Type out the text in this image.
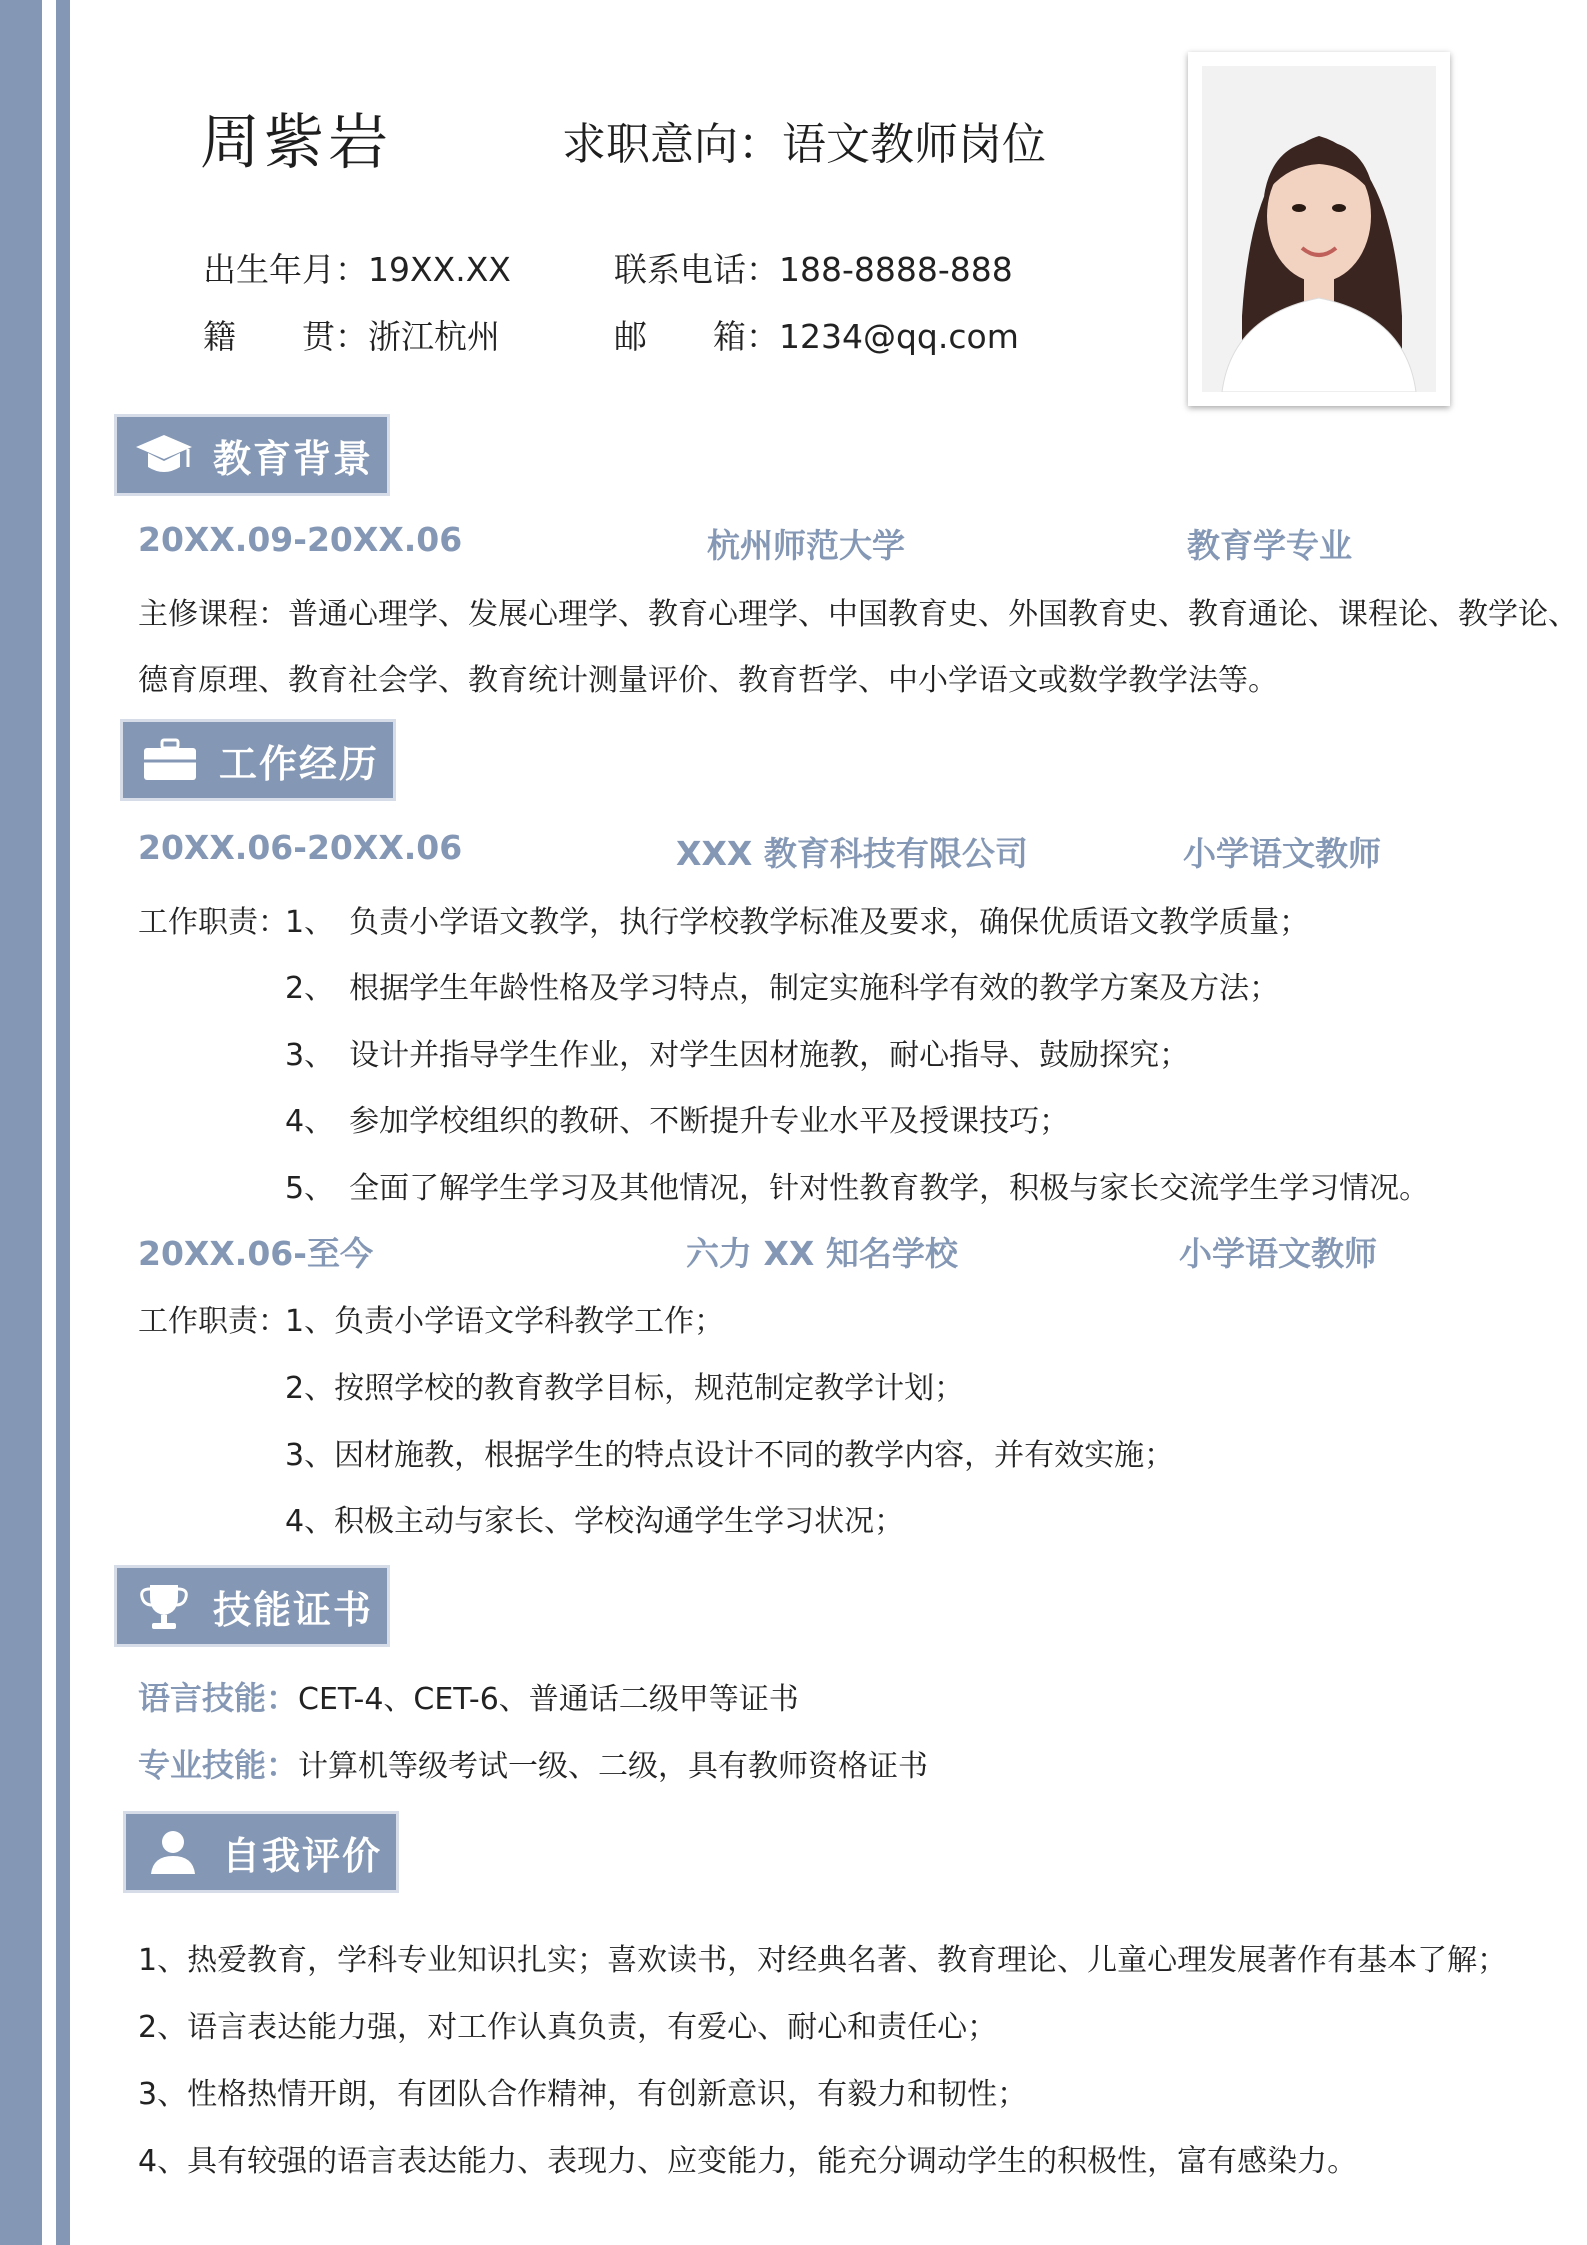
周紫岩	求职意向：语文教师岗位
出生年月：19XX.XX	联系电话：188-8888-888
籍　　贯：浙江杭州	邮　　箱：1234@qq.com
教育背景
20XX.09-20XX.06	杭州师范大学	教育学专业
主修课程：普通心理学、发展心理学、教育心理学、中国教育史、外国教育史、教育通论、课程论、教学论、
德育原理、教育社会学、教育统计测量评价、教育哲学、中小学语文或数学教学法等。
工作经历
20XX.06-20XX.06	XXX 教育科技有限公司	小学语文教师
工作职责：
1、　负责小学语文教学，执行学校教学标准及要求，确保优质语文教学质量；
2、　根据学生年龄性格及学习特点，制定实施科学有效的教学方案及方法；
3、　设计并指导学生作业，对学生因材施教，耐心指导、鼓励探究；
4、　参加学校组织的教研、不断提升专业水平及授课技巧；
5、　全面了解学生学习及其他情况，针对性教育教学，积极与家长交流学生学习情况。
20XX.06-至今	六力 XX 知名学校	小学语文教师
工作职责：
1、负责小学语文学科教学工作；
2、按照学校的教育教学目标，规范制定教学计划；
3、因材施教，根据学生的特点设计不同的教学内容，并有效实施；
4、积极主动与家长、学校沟通学生学习状况；
技能证书
语言技能：CET-4、CET-6、普通话二级甲等证书
专业技能：计算机等级考试一级、二级，具有教师资格证书
自我评价
1、热爱教育，学科专业知识扎实；喜欢读书，对经典名著、教育理论、儿童心理发展著作有基本了解；
2、语言表达能力强，对工作认真负责，有爱心、耐心和责任心；
3、性格热情开朗，有团队合作精神，有创新意识，有毅力和韧性；
4、具有较强的语言表达能力、表现力、应变能力，能充分调动学生的积极性，富有感染力。
